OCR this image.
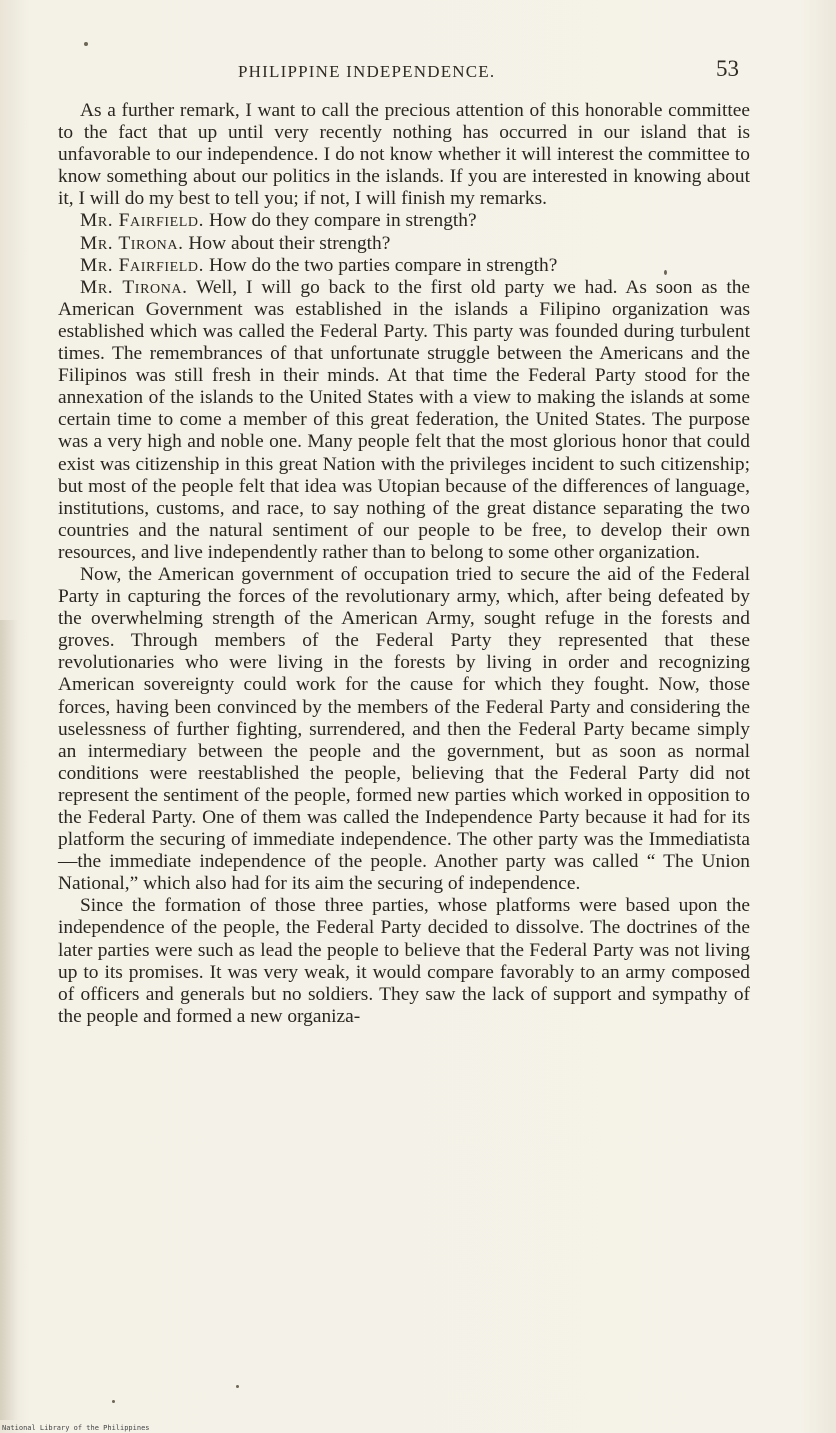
PHILIPPINE INDEPENDENCE.	53

As a further remark, I want to call the precious attention of this honorable committee to the fact that up until very recently nothing has occurred in our island that is unfavorable to our independence. I do not know whether it will interest the committee to know something about our politics in the islands. If you are interested in knowing about it, I will do my best to tell you; if not, I will finish my remarks.

Mr. Fairfield. How do they compare in strength?

Mr. Tirona. How about their strength?

Mr. Fairfield. How do the two parties compare in strength?

Mr. Tirona. Well, I will go back to the first old party we had. As soon as the American Government was established in the islands a Filipino organization was established which was called the Federal Party. This party was founded during turbulent times. The remembrances of that unfortunate struggle between the Americans and the Filipinos was still fresh in their minds. At that time the Federal Party stood for the annexation of the islands to the United States with a view to making the islands at some certain time to come a member of this great federation, the United States. The purpose was a very high and noble one. Many people felt that the most glorious honor that could exist was citizenship in this great Nation with the privileges incident to such citizenship; but most of the people felt that idea was Utopian because of the differences of language, institutions, customs, and race, to say nothing of the great distance separating the two countries and the natural sentiment of our people to be free, to develop their own resources, and live independently rather than to belong to some other organization.

Now, the American government of occupation tried to secure the aid of the Federal Party in capturing the forces of the revolutionary army, which, after being defeated by the overwhelming strength of the American Army, sought refuge in the forests and groves. Through members of the Federal Party they represented that these revolutionaries who were living in the forests by living in order and recognizing American sovereignty could work for the cause for which they fought. Now, those forces, having been convinced by the members of the Federal Party and considering the uselessness of further fighting, surrendered, and then the Federal Party became simply an intermediary between the people and the government, but as soon as normal conditions were reestablished the people, believing that the Federal Party did not represent the sentiment of the people, formed new parties which worked in opposition to the Federal Party. One of them was called the Independence Party because it had for its platform the securing of immediate independence. The other party was the Immediatista—the immediate independence of the people. Another party was called “ The Union National,” which also had for its aim the securing of independence.

Since the formation of those three parties, whose platforms were based upon the independence of the people, the Federal Party decided to dissolve. The doctrines of the later parties were such as lead the people to believe that the Federal Party was not living up to its promises. It was very weak, it would compare favorably to an army composed of officers and generals but no soldiers. They saw the lack of support and sympathy of the people and formed a new organiza-

National Library of the Philippines
